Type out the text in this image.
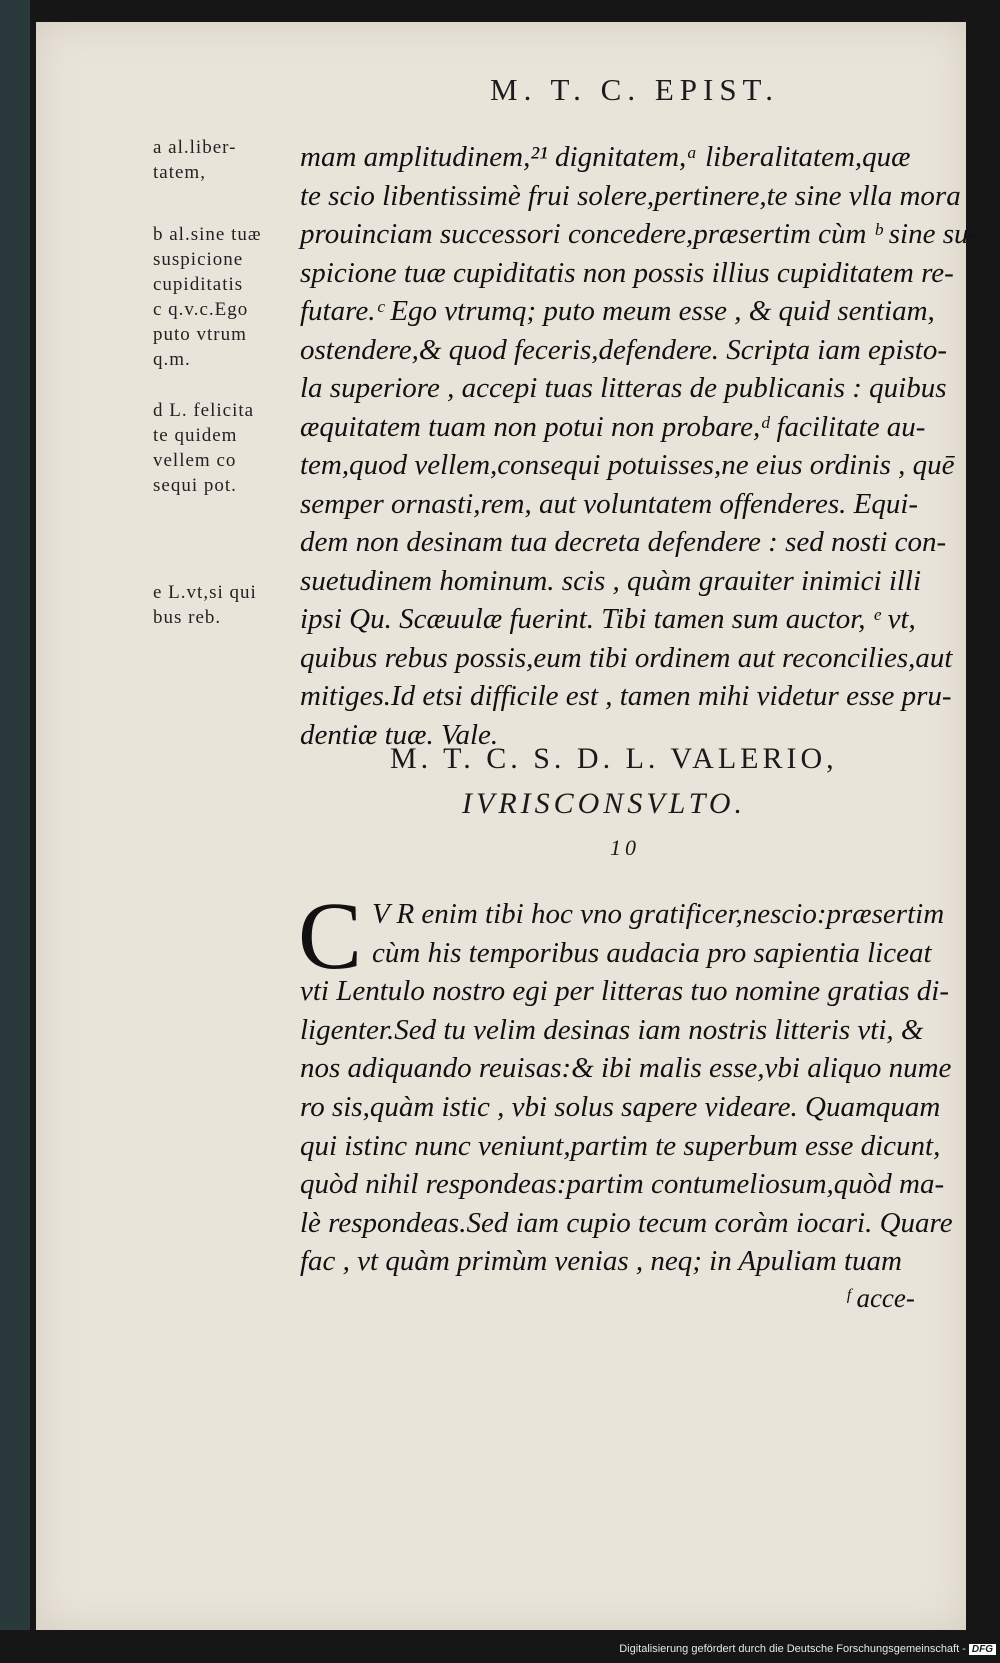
M. T. C. EPIST.
a al.liber-
tatem,
b al.sine tuæ
suspicione
cupiditatis
c q.v.c.Ego
puto vtrum
q.m.
d L. felicita
te quidem
vellem co
sequi pot.
e L.vt,si qui
bus reb.
mam amplitudinem,²¹ dignitatem,ᵃ liberalitatem,quæ
te scio libentissimè frui solere,pertinere,te sine vlla mora
prouinciam successori concedere,præsertim cùm ᵇ sine su-
spicione tuæ cupiditatis non possis illius cupiditatem re-
futare.ᶜ Ego vtrumq; puto meum esse , & quid sentiam,
ostendere,& quod feceris,defendere. Scripta iam episto-
la superiore , accepi tuas litteras de publicanis : quibus
æquitatem tuam non potui non probare,ᵈ facilitate au-
tem,quod vellem,consequi potuisses,ne eius ordinis , quē
semper ornasti,rem, aut voluntatem offenderes. Equi-
dem non desinam tua decreta defendere : sed nosti con-
suetudinem hominum. scis , quàm grauiter inimici illi
ipsi Qu. Scæuulæ fuerint. Tibi tamen sum auctor, ᵉ vt,
quibus rebus possis,eum tibi ordinem aut reconcilies,aut
mitiges.Id etsi difficile est , tamen mihi videtur esse pru-
dentiæ tuæ. Vale.
M. T. C. S. D. L. VALERIO,
IVRISCONSVLTO.
10
C V R enim tibi hoc vno gratificer,nescio:præsertim
cùm his temporibus audacia pro sapientia liceat
vti Lentulo nostro egi per litteras tuo nomine gratias di-
ligenter.Sed tu velim desinas iam nostris litteris vti, &
nos adiquando reuisas:& ibi malis esse,vbi aliquo nume
ro sis,quàm istic , vbi solus sapere videare. Quamquam
qui istinc nunc veniunt,partim te superbum esse dicunt,
quòd nihil respondeas:partim contumeliosum,quòd ma-
lè respondeas.Sed iam cupio tecum coràm iocari. Quare
fac , vt quàm primùm venias , neq; in Apuliam tuam
ᶠ acce-
Digitalisierung gefördert durch die Deutsche Forschungsgemeinschaft - DFG
